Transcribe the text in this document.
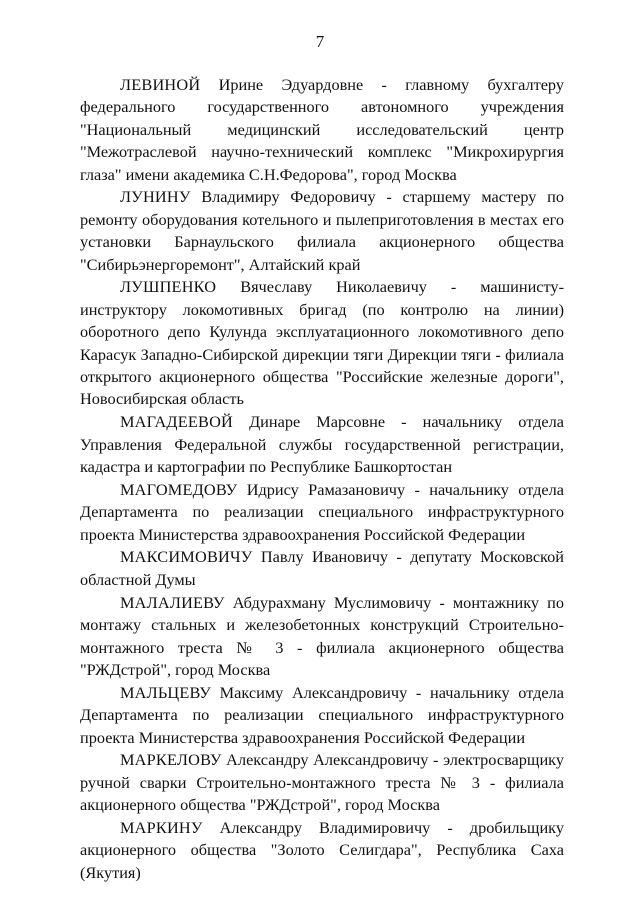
7

ЛЕВИНОЙ Ирине Эдуардовне - главному бухгалтеру федерального государственного автономного учреждения "Национальный медицинский исследовательский центр "Межотраслевой научно-технический комплекс "Микрохирургия глаза" имени академика С.Н.Федорова", город Москва

ЛУНИНУ Владимиру Федоровичу - старшему мастеру по ремонту оборудования котельного и пылеприготовления в местах его установки Барнаульского филиала акционерного общества "Сибирьэнергоремонт", Алтайский край

ЛУШПЕНКО Вячеславу Николаевичу - машинисту-инструктору локомотивных бригад (по контролю на линии) оборотного депо Кулунда эксплуатационного локомотивного депо Карасук Западно-Сибирской дирекции тяги Дирекции тяги - филиала открытого акционерного общества "Российские железные дороги", Новосибирская область

МАГАДЕЕВОЙ Динаре Марсовне - начальнику отдела Управления Федеральной службы государственной регистрации, кадастра и картографии по Республике Башкортостан

МАГОМЕДОВУ Идрису Рамазановичу - начальнику отдела Департамента по реализации специального инфраструктурного проекта Министерства здравоохранения Российской Федерации

МАКСИМОВИЧУ Павлу Ивановичу - депутату Московской областной Думы

МАЛАЛИЕВУ Абдурахману Муслимовичу - монтажнику по монтажу стальных и железобетонных конструкций Строительно-монтажного треста № 3 - филиала акционерного общества "РЖДстрой", город Москва

МАЛЬЦЕВУ Максиму Александровичу - начальнику отдела Департамента по реализации специального инфраструктурного проекта Министерства здравоохранения Российской Федерации

МАРКЕЛОВУ Александру Александровичу - электросварщику ручной сварки Строительно-монтажного треста № 3 - филиала акционерного общества "РЖДстрой", город Москва

МАРКИНУ Александру Владимировичу - дробильщику акционерного общества "Золото Селигдара", Республика Саха (Якутия)
